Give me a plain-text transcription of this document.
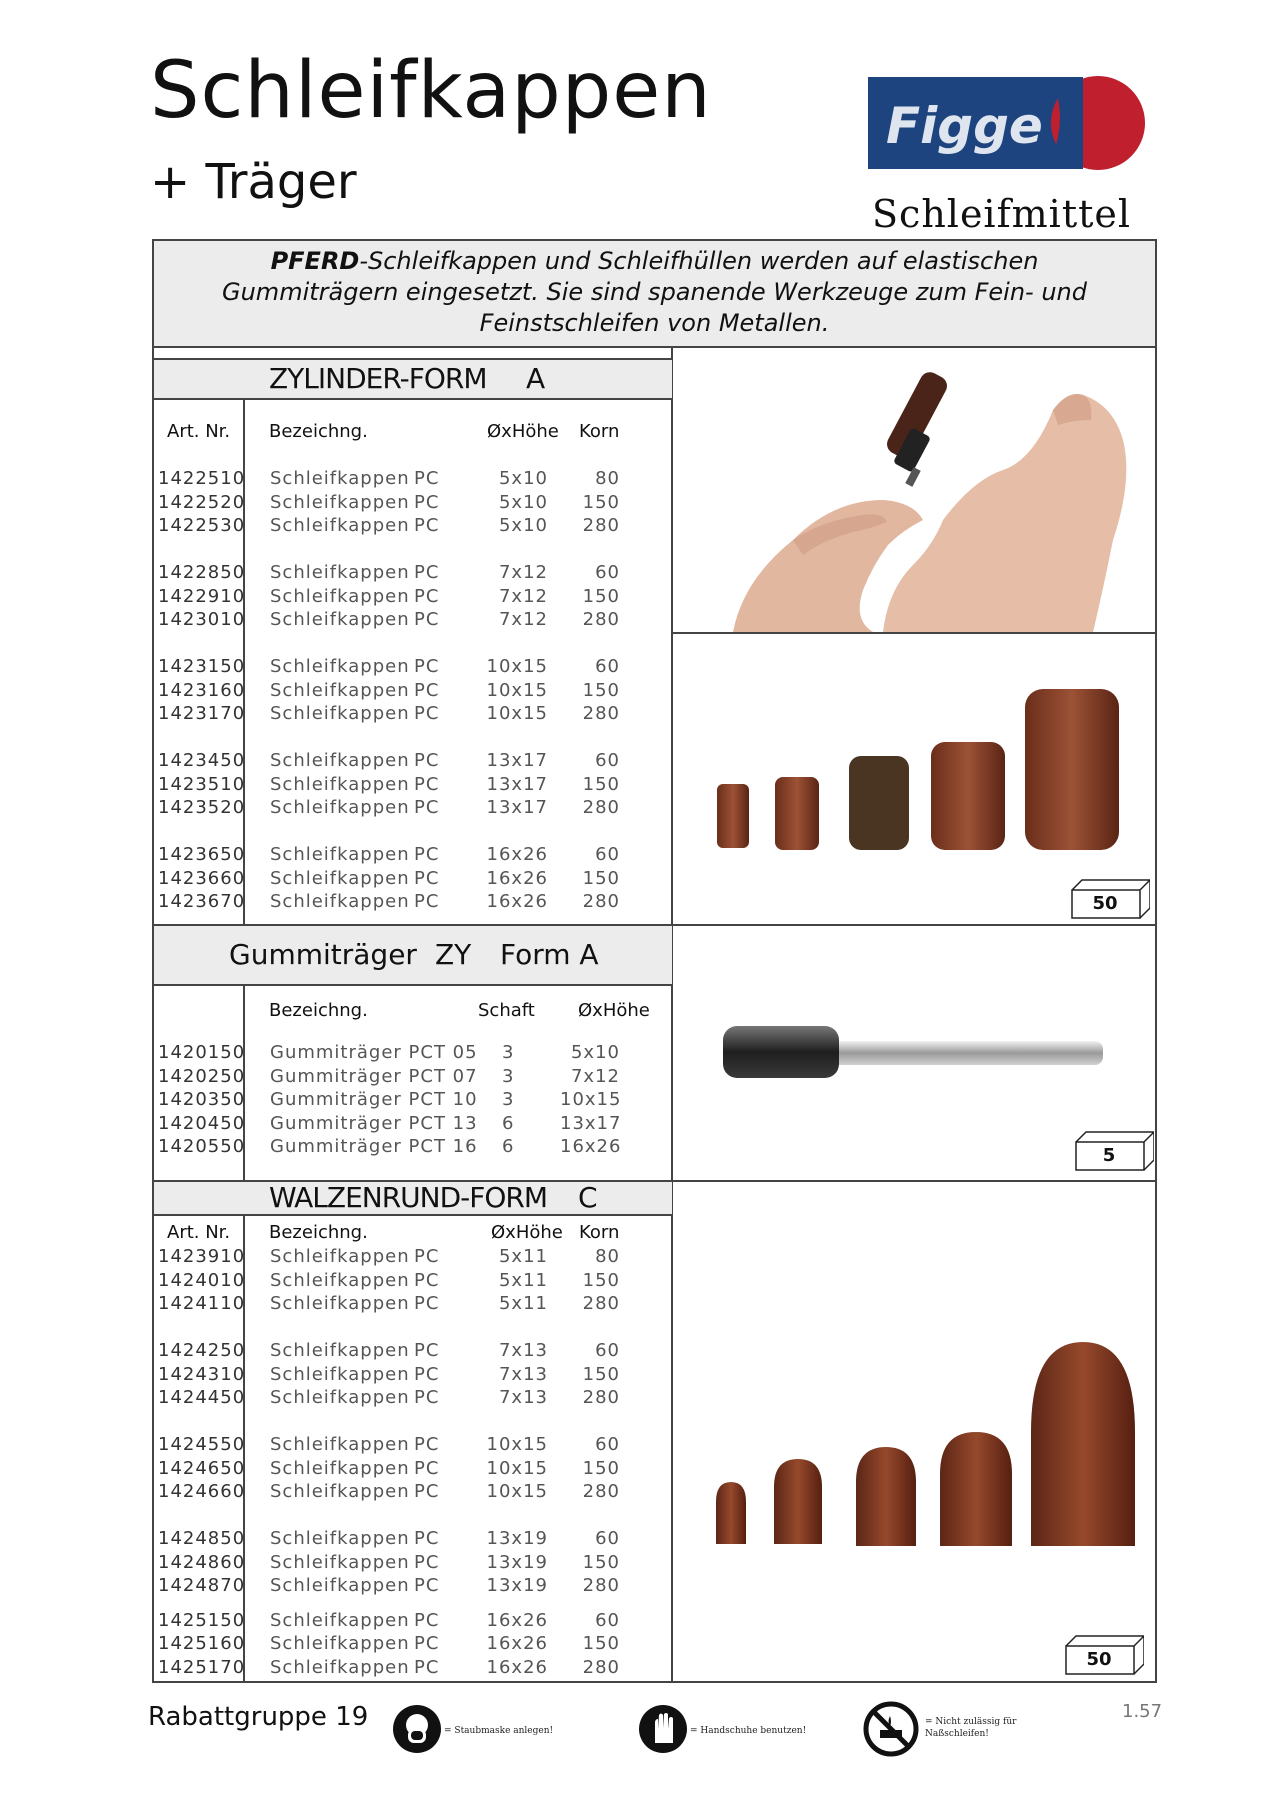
Schleifkappen
+ Träger
Figge
Schleifmittel
PFERD-Schleifkappen und Schleifhüllen werden auf elastischen
Gummiträgern eingesetzt. Sie sind spanende Werkzeuge zum Fein- und
Feinstschleifen von Metallen.
ZYLINDER-FORM A
Art. Nr. Bezeichng.	ØxHöhe Korn
1422510 Schleifkappen PC	5x10	80
1422520 Schleifkappen PC	5x10 150
1422530 Schleifkappen PC	5x10 280
1422850 Schleifkappen PC	7x12	60
1422910 Schleifkappen PC	7x12 150
1423010 Schleifkappen PC	7x12 280
1423150 Schleifkappen PC	10x15	60
1423160 Schleifkappen PC	10x15 150
1423170 Schleifkappen PC	10x15 280
1423450 Schleifkappen PC	13x17	60
1423510 Schleifkappen PC	13x17 150
1423520 Schleifkappen PC	13x17 280
1423650 Schleifkappen PC	16x26	60
1423660 Schleifkappen PC	16x26 150
1423670 Schleifkappen PC	16x26 280	50
Gummiträger ZY Form A
Bezeichng.	Schaft ØxHöhe
1420150 Gummiträger PCT 05 3	5x10
1420250 Gummiträger PCT 07 3	7x12
1420350 Gummiträger PCT 10 3	10x15
1420450 Gummiträger PCT 13 6	13x17
1420550 Gummiträger PCT 16 6	16x26	5
WALZENRUND-FORM C
Art. Nr. Bezeichng.	ØxHöhe Korn
1423910 Schleifkappen PC	5x11	80
1424010 Schleifkappen PC	5x11 150
1424110 Schleifkappen PC	5x11 280
1424250 Schleifkappen PC	7x13	60
1424310 Schleifkappen PC	7x13 150
1424450 Schleifkappen PC	7x13 280
1424550 Schleifkappen PC	10x15	60
1424650 Schleifkappen PC	10x15 150
1424660 Schleifkappen PC	10x15 280
1424850 Schleifkappen PC	13x19	60
1424860 Schleifkappen PC	13x19 150
1424870 Schleifkappen PC	13x19 280
1425150 Schleifkappen PC	16x26	60
1425160 Schleifkappen PC	16x26 150
1425170 Schleifkappen PC	16x26 280	50
Rabattgruppe 19	1.57
= Staubmaske anlegen!	= Handschuhe benutzen!
= Nicht zulässig für Naßschleifen!
